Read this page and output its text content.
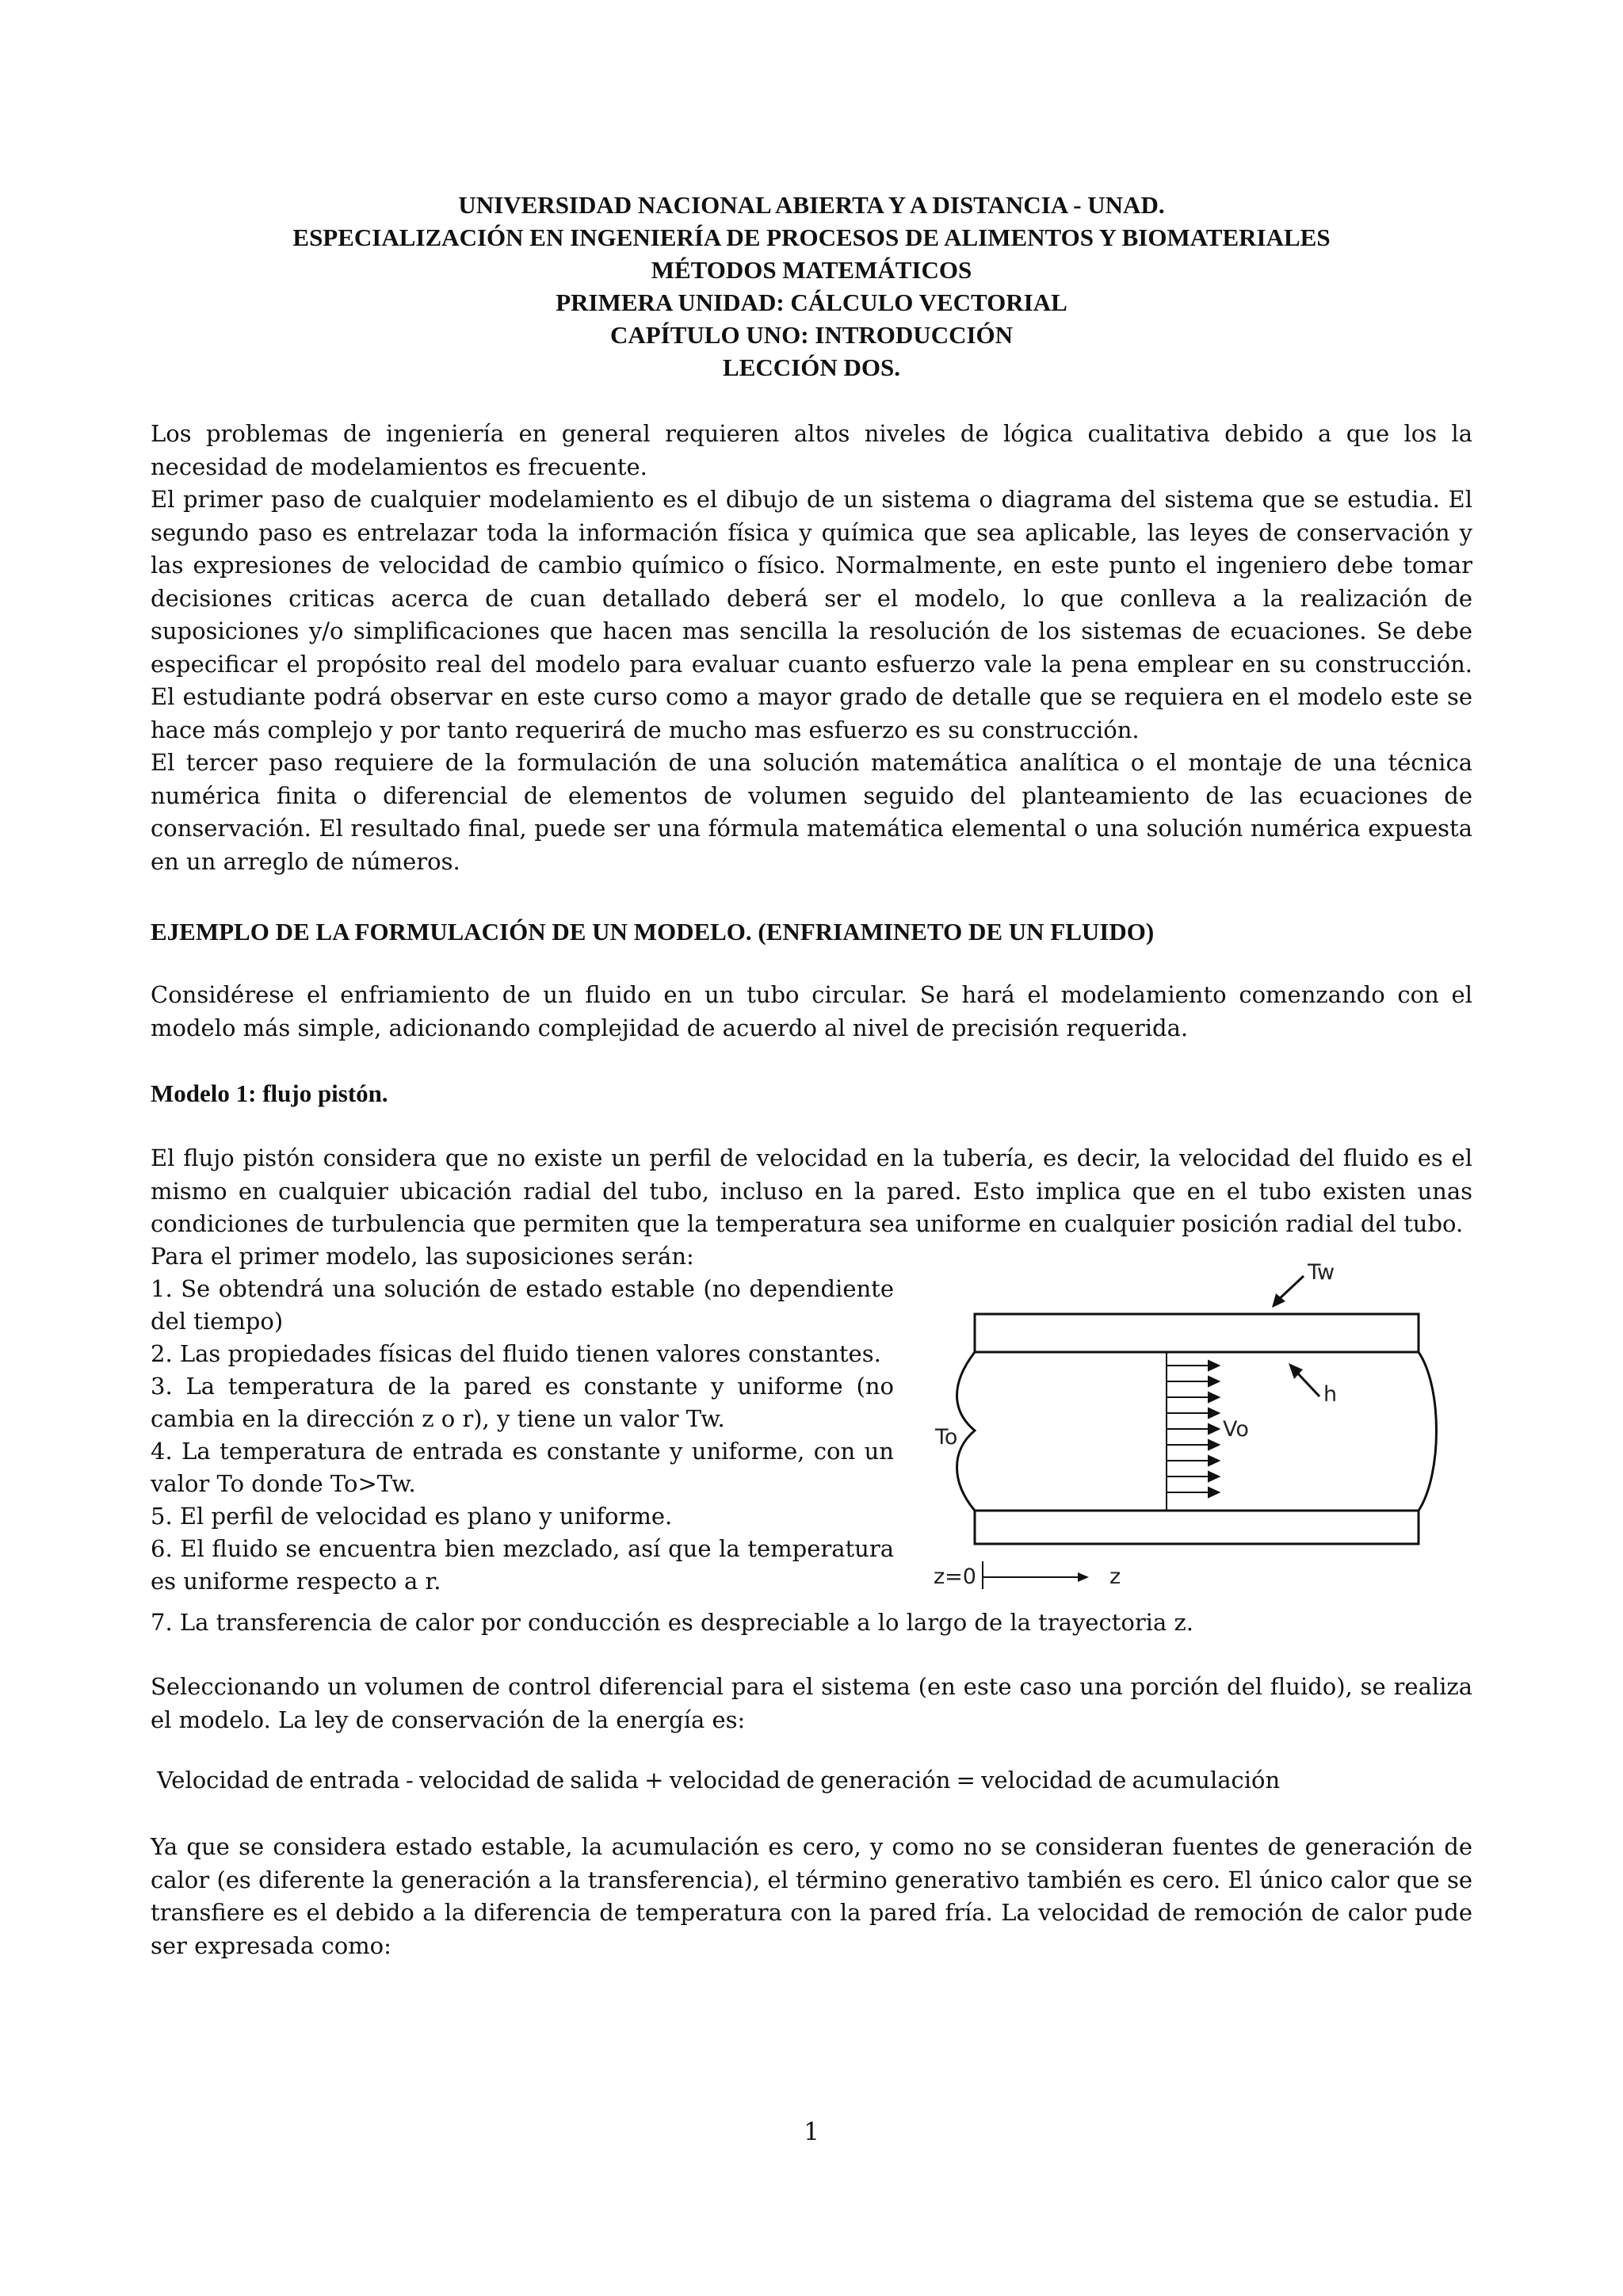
UNIVERSIDAD NACIONAL ABIERTA Y A DISTANCIA - UNAD.
ESPECIALIZACIÓN EN INGENIERÍA DE PROCESOS DE ALIMENTOS Y BIOMATERIALES
MÉTODOS MATEMÁTICOS
PRIMERA UNIDAD: CÁLCULO VECTORIAL
CAPÍTULO UNO: INTRODUCCIÓN
LECCIÓN DOS.

Los problemas de ingeniería en general requieren altos niveles de lógica cualitativa debido a que los la necesidad de modelamientos es frecuente.

El primer paso de cualquier modelamiento es el dibujo de un sistema o diagrama del sistema que se estudia. El segundo paso es entrelazar toda la información física y química que sea aplicable, las leyes de conservación y las expresiones de velocidad de cambio químico o físico. Normalmente, en este punto el ingeniero debe tomar decisiones criticas acerca de cuan detallado deberá ser el modelo, lo que conlleva a la realización de suposiciones y/o simplificaciones que hacen mas sencilla la resolución de los sistemas de ecuaciones. Se debe especificar el propósito real del modelo para evaluar cuanto esfuerzo vale la pena emplear en su construcción. El estudiante podrá observar en este curso como a mayor grado de detalle que se requiera en el modelo este se hace más complejo y por tanto requerirá de mucho mas esfuerzo es su construcción.

El tercer paso requiere de la formulación de una solución matemática analítica o el montaje de una técnica numérica finita o diferencial de elementos de volumen seguido del planteamiento de las ecuaciones de conservación. El resultado final, puede ser una fórmula matemática elemental o una solución numérica expuesta en un arreglo de números.

EJEMPLO DE LA FORMULACIÓN DE UN MODELO. (ENFRIAMINETO DE UN FLUIDO)

Considérese el enfriamiento de un fluido en un tubo circular. Se hará el modelamiento comenzando con el modelo más simple, adicionando complejidad de acuerdo al nivel de precisión requerida.

Modelo 1: flujo pistón.

El flujo pistón considera que no existe un perfil de velocidad en la tubería, es decir, la velocidad del fluido es el mismo en cualquier ubicación radial del tubo, incluso en la pared. Esto implica que en el tubo existen unas condiciones de turbulencia que permiten que la temperatura sea uniforme en cualquier posición radial del tubo.

Para el primer modelo, las suposiciones serán:

1. Se obtendrá una solución de estado estable (no dependiente del tiempo)

2. Las propiedades físicas del fluido tienen valores constantes.

3. La temperatura de la pared es constante y uniforme (no cambia en la dirección z o r), y tiene un valor Tw.

4. La temperatura de entrada es constante y uniforme, con un valor To donde To>Tw.

5. El perfil de velocidad es plano y uniforme.

6. El fluido se encuentra bien mezclado, así que la temperatura es uniforme respecto a r.

7. La transferencia de calor por conducción es despreciable a lo largo de la trayectoria z.
Tw
h
Vo
To
z=0	z

Seleccionando un volumen de control diferencial para el sistema (en este caso una porción del fluido), se realiza el modelo. La ley de conservación de la energía es:

Velocidad de entrada - velocidad de salida + velocidad de generación = velocidad de acumulación

Ya que se considera estado estable, la acumulación es cero, y como no se consideran fuentes de generación de calor (es diferente la generación a la transferencia), el término generativo también es cero. El único calor que se transfiere es el debido a la diferencia de temperatura con la pared fría. La velocidad de remoción de calor pude ser expresada como:

1
